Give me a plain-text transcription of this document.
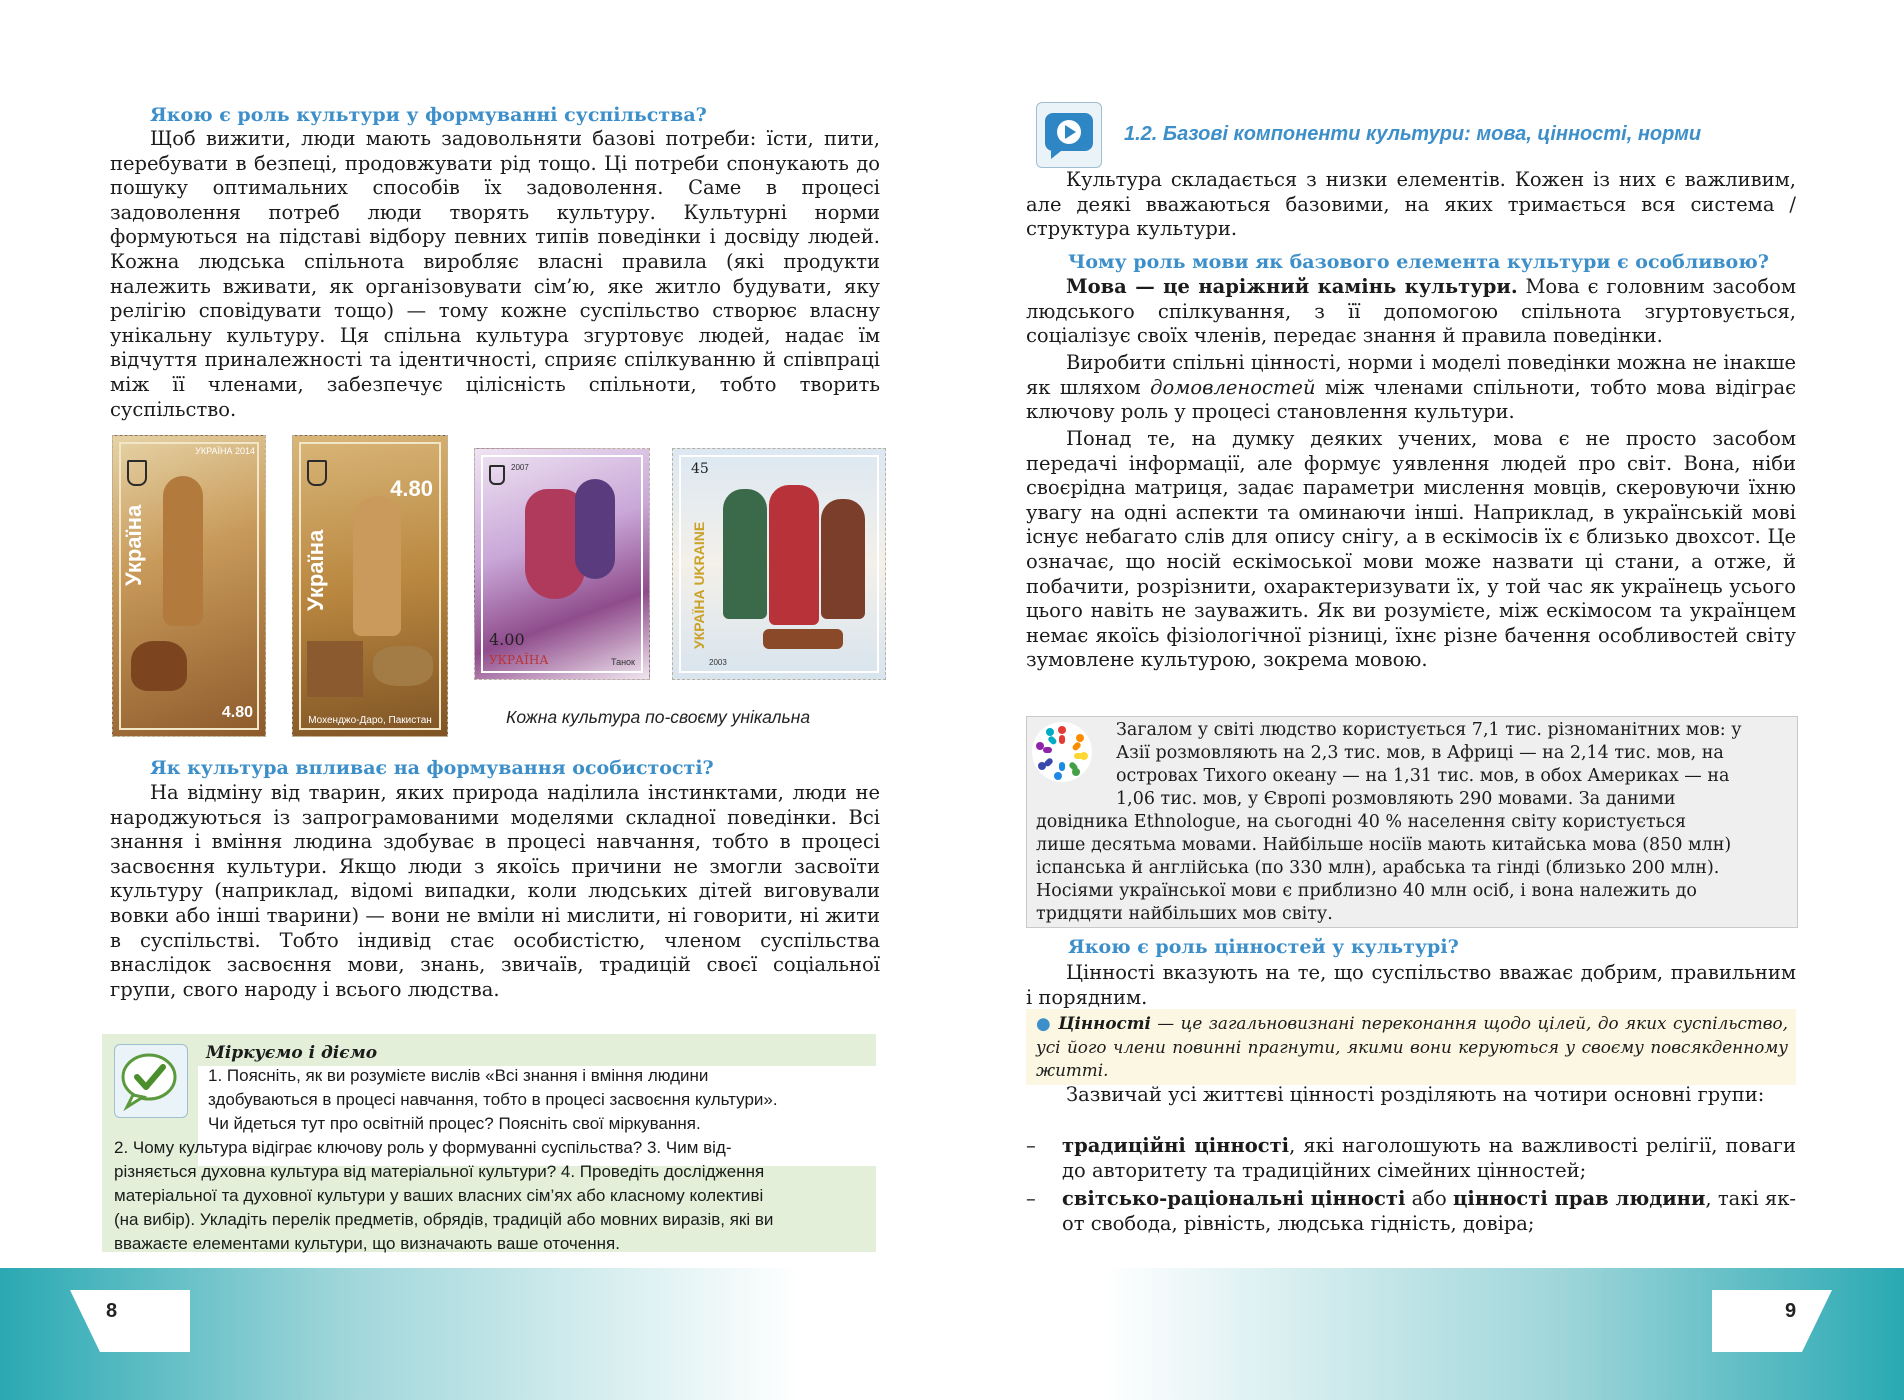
Якою є роль культури у формуванні суспільства?
Щоб вижити, люди мають задовольняти базові потреби: їсти, пити, перебувати в безпеці, продовжувати рід тощо. Ці потреби спонукають до пошуку оптимальних способів їх задоволення. Саме в процесі задоволення потреб люди творять культуру. Культурні норми формуються на підставі відбору певних типів поведінки і досвіду людей. Кожна людська спільнота виробляє власні правила (які продукти належить вживати, як організовувати сім’ю, яке житло будувати, яку релігію сповідувати тощо) — тому кожне суспільство створює власну унікальну культуру. Ця спільна культура згуртовує людей, надає їм відчуття приналежності та ідентичності, сприяє спілкуванню й співпраці між її членами, забезпечує цілісність спільноти, тобто творить суспільство.
УКРАЇНА 2014
Україна
4.80
4.80
Україна
Мохенджо-Даро, Пакистан
2007
4.00
УКРАЇНА	Танок
45
УКРАЇНА UKRAINE
2003
Кожна культура по-своєму унікальна
Як культура впливає на формування особистості?
На відміну від тварин, яких природа наділила інстинктами, люди не народжуються із запрограмованими моделями складної поведінки. Всі знання і вміння людина здобуває в процесі навчання, тобто в процесі засвоєння культури. Якщо люди з якоїсь причини не змогли засвоїти культуру (наприклад, відомі випадки, коли людських дітей виговували вовки або інші тварини) — вони не вміли ні мислити, ні говорити, ні жити в суспільстві. Тобто індивід стає особистістю, членом суспільства внаслідок засвоєння мови, знань, звичаїв, традицій своєї соціальної групи, свого народу і всього людства.
Міркуємо і діємо
1. Поясніть, як ви розумієте вислів «Всі знання і вміння людини
здобуваються в процесі навчання, тобто в процесі засвоєння культури».
Чи йдеться тут про освітній процес? Поясніть свої міркування.
2. Чому культура відіграє ключову роль у формуванні суспільства? 3. Чим від-
різняється духовна культура від матеріальної культури? 4. Проведіть дослідження
матеріальної та духовної культури у ваших власних сім’ях або класному колективі
(на вибір). Укладіть перелік предметів, обрядів, традицій або мовних виразів, які ви
вважаєте елементами культури, що визначають ваше оточення.
8	9
1.2. Базові компоненти культури: мова, цінності, норми
Культура складається з низки елементів. Кожен із них є важливим, але деякі вважаються базовими, на яких тримається вся система / структура культури.
Чому роль мови як базового елемента культури є особливою?
Мова — це наріжний камінь культури. Мова є головним засобом людського спілкування, з її допомогою спільнота згуртовується, соціалізує своїх членів, передає знання й правила поведінки.
Виробити спільні цінності, норми і моделі поведінки можна не інакше як шляхом домовленостей між членами спільноти, тобто мова відіграє ключову роль у процесі становлення культури.
Понад те, на думку деяких учених, мова є не просто засобом передачі інформації, але формує уявлення людей про світ. Вона, ніби своєрідна матриця, задає параметри мислення мовців, скеровуючи їхню увагу на одні аспекти та оминаючи інші. Наприклад, в українській мові існує небагато слів для опису снігу, а в ескімосів їх є близько двохсот. Це означає, що носій ескімоської мови може назвати ці стани, а отже, й побачити, розрізнити, охарактеризувати їх, у той час як українець усього цього навіть не зауважить. Як ви розумієте, між ескімосом та українцем немає якоїсь фізіологічної різниці, їхнє різне бачення особливостей світу зумовлене культурою, зокрема мовою.
Загалом у світі людство користується 7,1 тис. різноманітних мов: у
Азії розмовляють на 2,3 тис. мов, в Африці — на 2,14 тис. мов, на
островах Тихого океану — на 1,31 тис. мов, в обох Америках — на
1,06 тис. мов, у Європі розмовляють 290 мовами. За даними
довідника Ethnologue, на сьогодні 40 % населення світу користується
лише десятьма мовами. Найбільше носіїв мають китайська мова (850 млн)
іспанська й англійська (по 330 млн), арабська та гінді (близько 200 млн).
Носіями української мови є приблизно 40 млн осіб, і вона належить до
тридцяти найбільших мов світу.
Якою є роль цінностей у культурі?
Цінності вказують на те, що суспільство вважає добрим, правильним і порядним.
● Цінності — це загальновизнані переконання щодо цілей, до яких суспільство, усі його члени повинні прагнути, якими вони керуються у своєму повсякденному житті.
Зазвичай усі життєві цінності розділяють на чотири основні групи:
– традиційні цінності, які наголошують на важливості релігії, поваги до авторитету та традиційних сімейних цінностей;
– світсько-раціональні цінності або цінності прав людини, такі як-от свобода, рівність, людська гідність, довіра;
